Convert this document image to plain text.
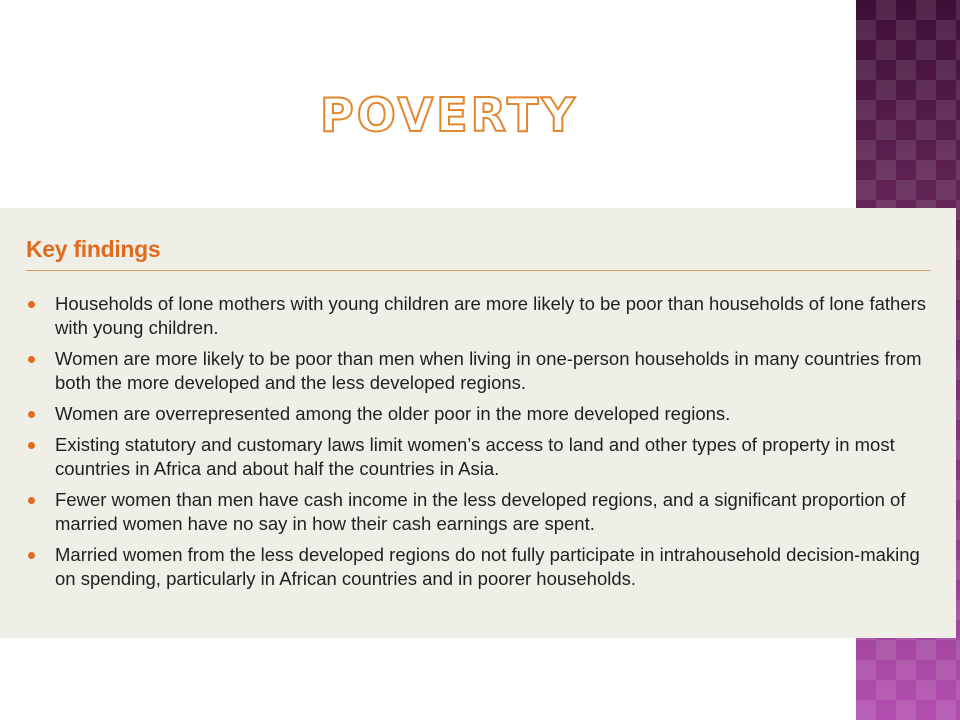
POVERTY
Key findings
Households of lone mothers with young children are more likely to be poor than households of lone fathers with young children.
Women are more likely to be poor than men when living in one-person households in many countries from both the more developed and the less developed regions.
Women are overrepresented among the older poor in the more developed regions.
Existing statutory and customary laws limit women’s access to land and other types of property in most countries in Africa and about half the countries in Asia.
Fewer women than men have cash income in the less developed regions, and a significant proportion of married women have no say in how their cash earnings are spent.
Married women from the less developed regions do not fully participate in intrahousehold decision-making on spending, particularly in African countries and in poorer households.
